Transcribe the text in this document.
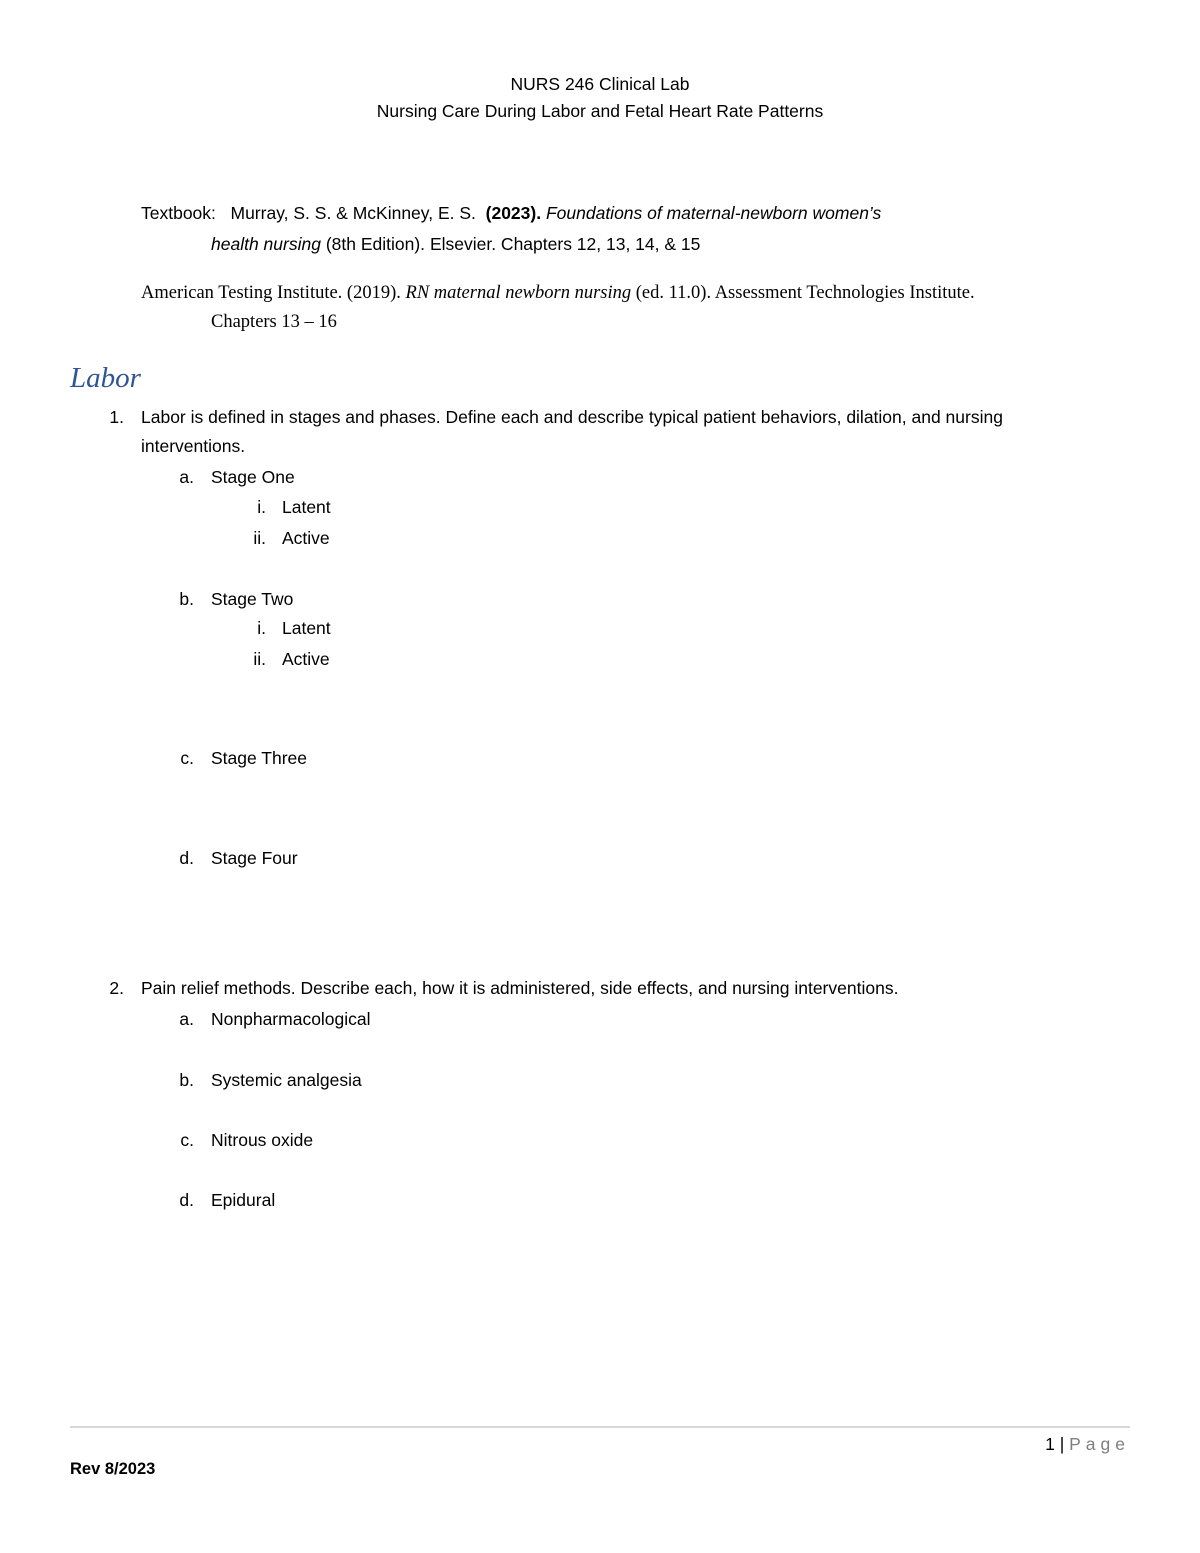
NURS 246 Clinical Lab
Nursing Care During Labor and Fetal Heart Rate Patterns
Textbook: Murray, S. S. & McKinney, E. S. (2023). Foundations of maternal-newborn women’s
health nursing (8th Edition). Elsevier. Chapters 12, 13, 14, & 15
American Testing Institute. (2019). RN maternal newborn nursing (ed. 11.0). Assessment Technologies Institute.
Chapters 13 – 16
Labor
1. Labor is defined in stages and phases. Define each and describe typical patient behaviors, dilation, and nursing
interventions.
a. Stage One
i. Latent
ii. Active
b. Stage Two
i. Latent
ii. Active
c. Stage Three
d. Stage Four
2. Pain relief methods. Describe each, how it is administered, side effects, and nursing interventions.
a. Nonpharmacological
b. Systemic analgesia
c. Nitrous oxide
d. Epidural
1 | Page
Rev 8/2023
